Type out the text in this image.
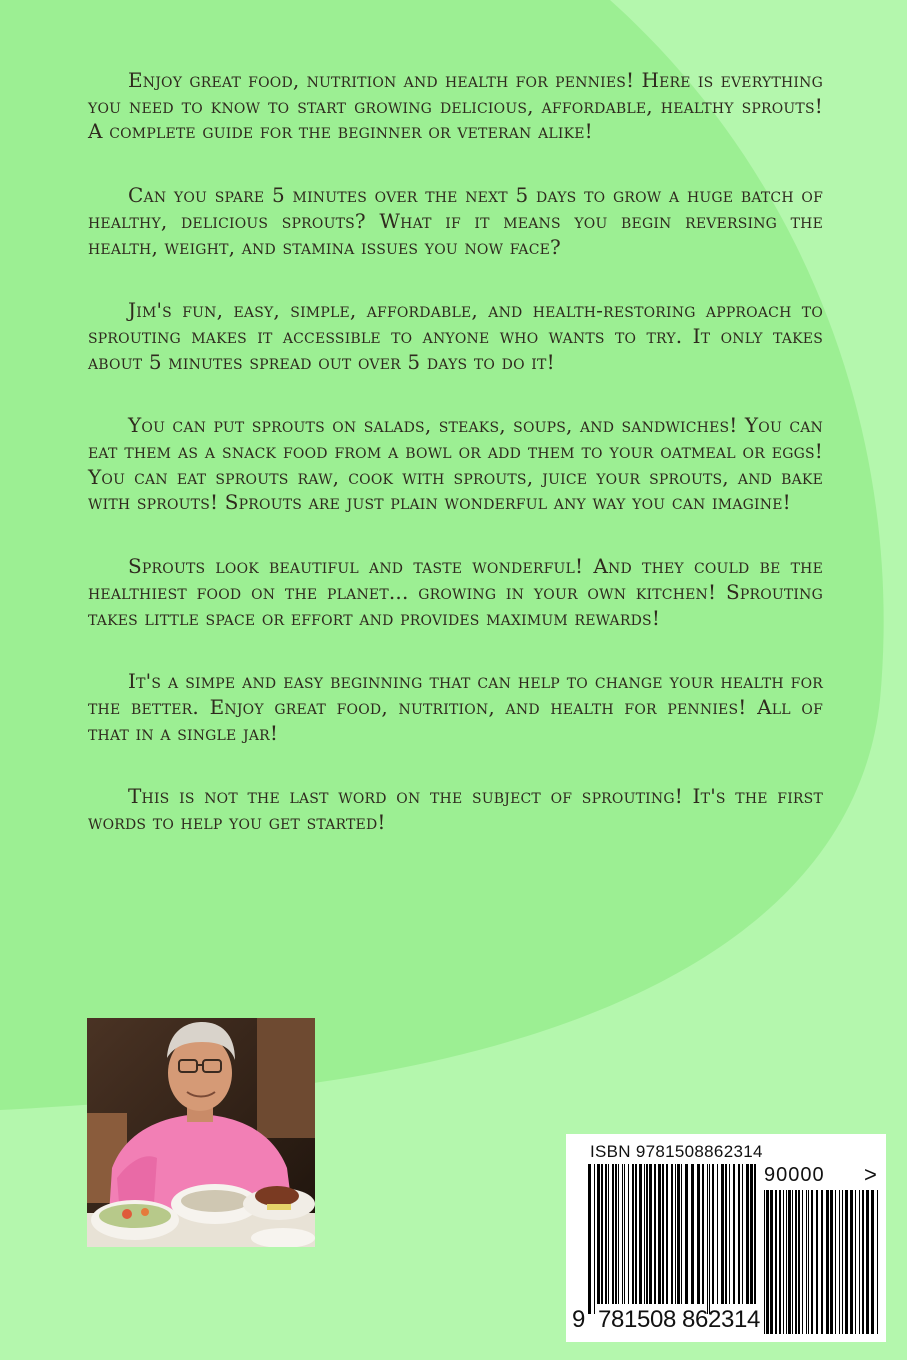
Enjoy great food, nutrition and health for pennies! Here is everything you need to know to start growing delicious, affordable, healthy sprouts! A complete guide for the beginner or veteran alike!

Can you spare 5 minutes over the next 5 days to grow a huge batch of healthy, delicious sprouts? What if it means you begin reversing the health, weight, and stamina issues you now face?

Jim's fun, easy, simple, affordable, and health-restoring approach to sprouting makes it accessible to anyone who wants to try. It only takes about 5 minutes spread out over 5 days to do it!

You can put sprouts on salads, steaks, soups, and sandwiches! You can eat them as a snack food from a bowl or add them to your oatmeal or eggs! You can eat sprouts raw, cook with sprouts, juice your sprouts, and bake with sprouts! Sprouts are just plain wonderful any way you can imagine!

Sprouts look beautiful and taste wonderful! And they could be the healthiest food on the planet... growing in your own kitchen! Sprouting takes little space or effort and provides maximum rewards!

It's a simpe and easy beginning that can help to change your health for the better. Enjoy great food, nutrition, and health for pennies! All of that in a single jar!

This is not the last word on the subject of sprouting! It's the first words to help you get started!

ISBN 9781508862314
90000 >
9 7 8 1 5 0 8 8 6 2 3 1 4
